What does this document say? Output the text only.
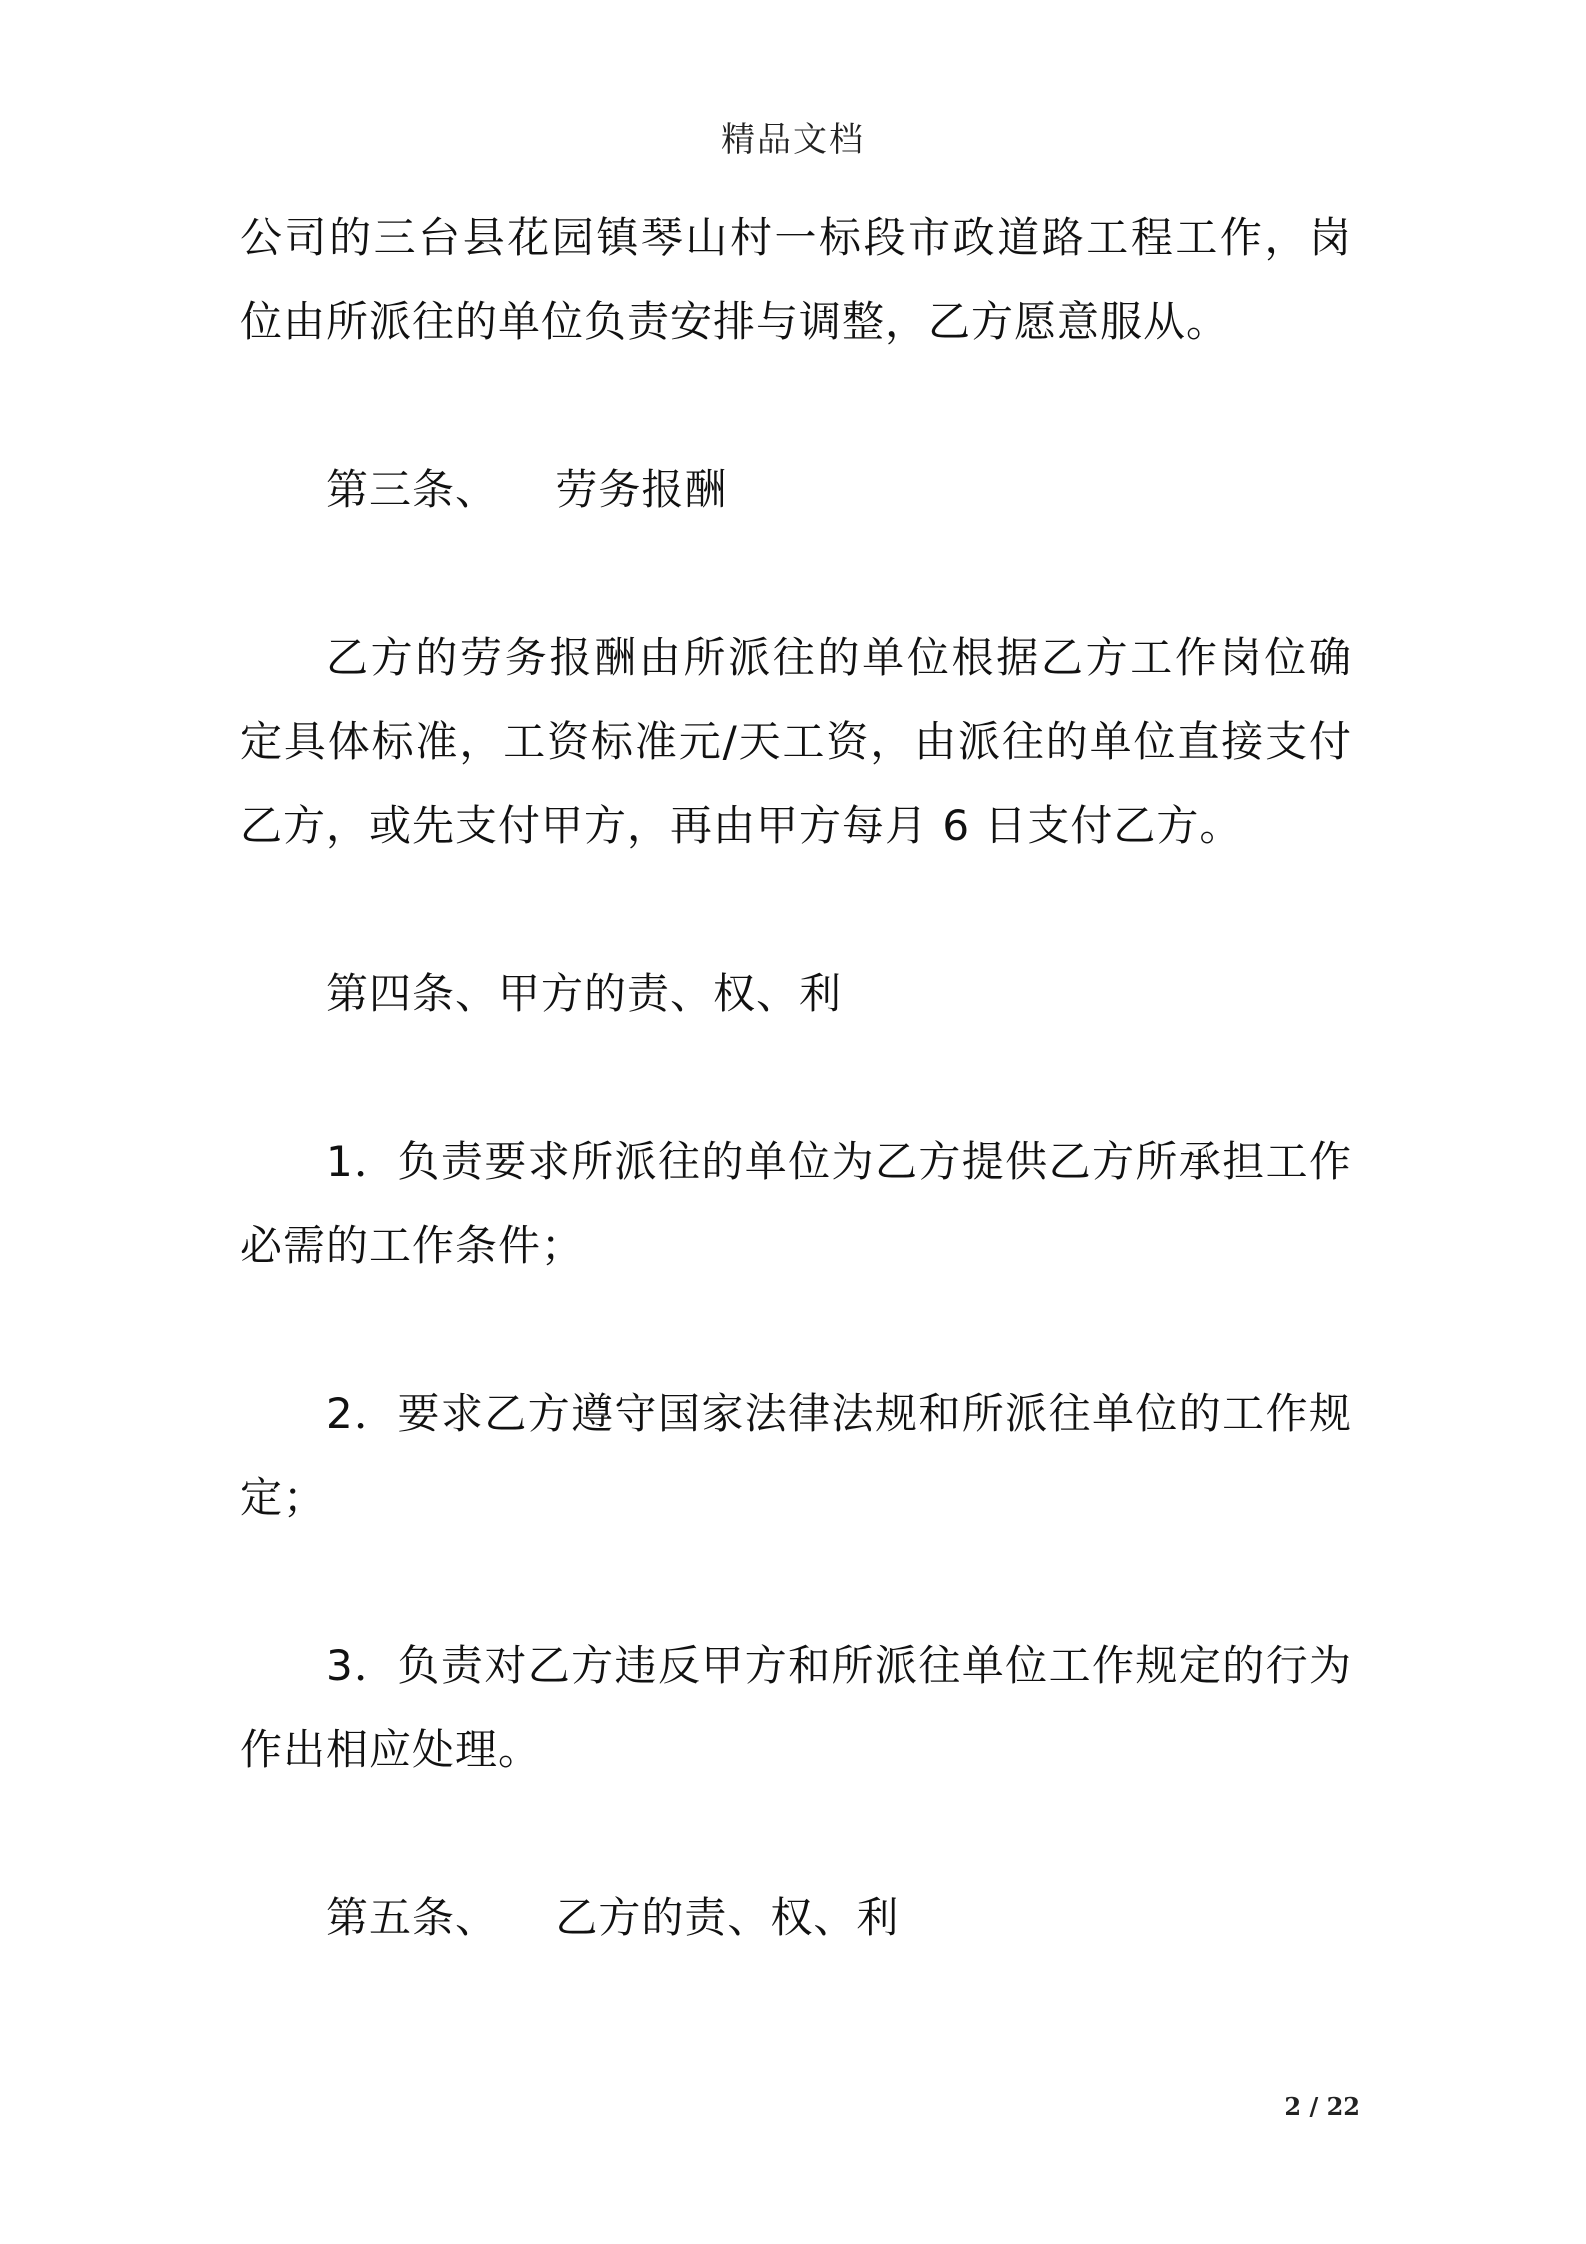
精品文档

公司的三台县花园镇琴山村一标段市政道路工程工作，岗位由所派往的单位负责安排与调整，乙方愿意服从。

第三条、    劳务报酬

乙方的劳务报酬由所派往的单位根据乙方工作岗位确定具体标准，工资标准元/天工资，由派往的单位直接支付乙方，或先支付甲方，再由甲方每月 6 日支付乙方。

第四条、甲方的责、权、利

1．负责要求所派往的单位为乙方提供乙方所承担工作必需的工作条件；

2．要求乙方遵守国家法律法规和所派往单位的工作规定；

3．负责对乙方违反甲方和所派往单位工作规定的行为作出相应处理。

第五条、    乙方的责、权、利

2 / 22
